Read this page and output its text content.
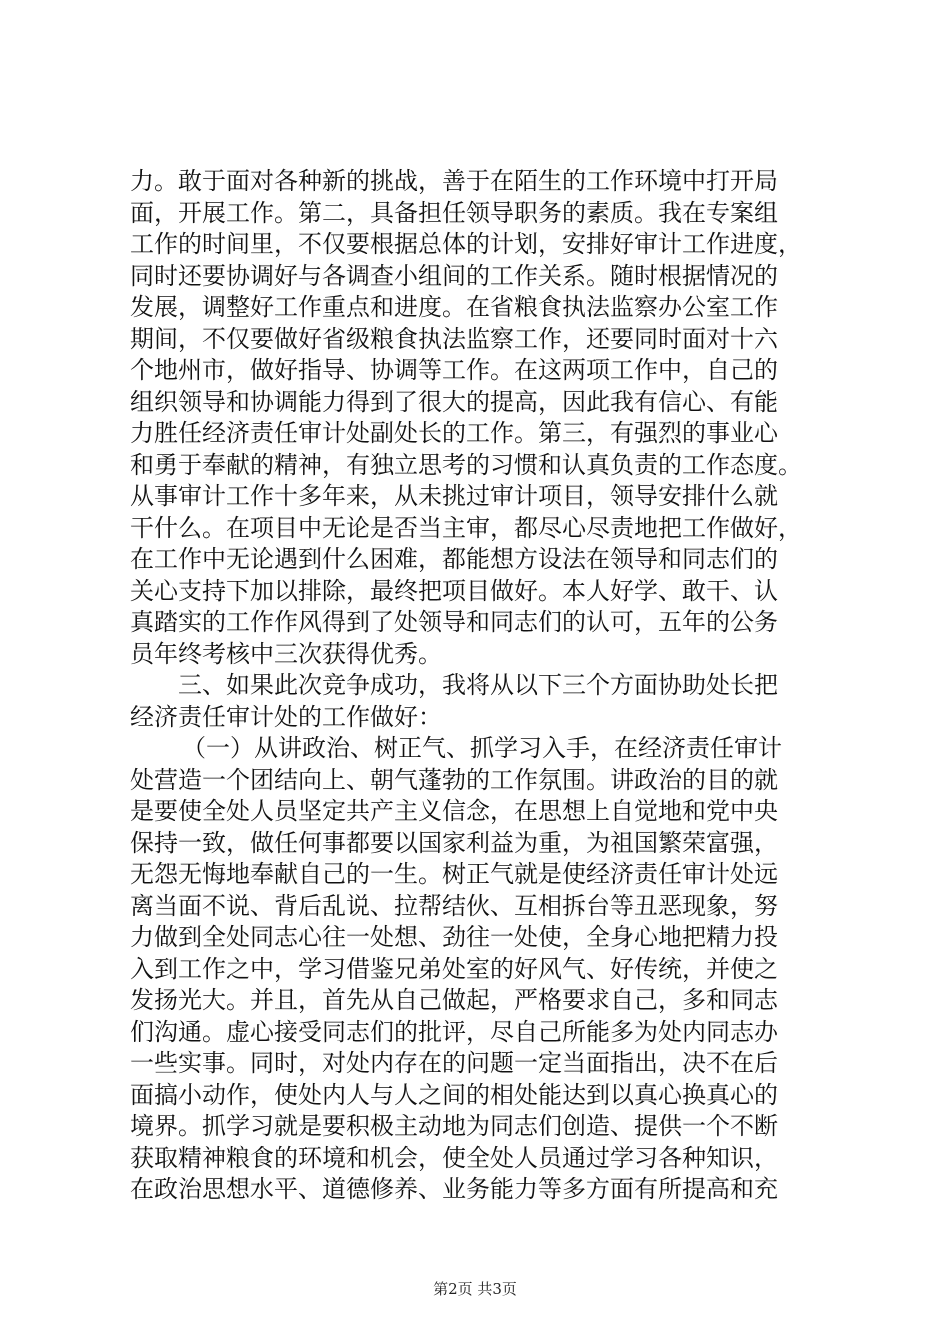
力。敢于面对各种新的挑战，善于在陌生的工作环境中打开局

面，开展工作。第二，具备担任领导职务的素质。我在专案组

工作的时间里，不仅要根据总体的计划，安排好审计工作进度，

同时还要协调好与各调查小组间的工作关系。随时根据情况的

发展，调整好工作重点和进度。在省粮食执法监察办公室工作

期间，不仅要做好省级粮食执法监察工作，还要同时面对十六

个地州市，做好指导、协调等工作。在这两项工作中，自己的

组织领导和协调能力得到了很大的提高，因此我有信心、有能

力胜任经济责任审计处副处长的工作。第三，有强烈的事业心

和勇于奉献的精神，有独立思考的习惯和认真负责的工作态度。

从事审计工作十多年来，从未挑过审计项目，领导安排什么就

干什么。在项目中无论是否当主审，都尽心尽责地把工作做好，

在工作中无论遇到什么困难，都能想方设法在领导和同志们的

关心支持下加以排除，最终把项目做好。本人好学、敢干、认

真踏实的工作作风得到了处领导和同志们的认可，五年的公务

员年终考核中三次获得优秀。

三、如果此次竞争成功，我将从以下三个方面协助处长把

经济责任审计处的工作做好：

（一）从讲政治、树正气、抓学习入手，在经济责任审计

处营造一个团结向上、朝气蓬勃的工作氛围。讲政治的目的就

是要使全处人员坚定共产主义信念，在思想上自觉地和党中央

保持一致，做任何事都要以国家利益为重，为祖国繁荣富强，

无怨无悔地奉献自己的一生。树正气就是使经济责任审计处远

离当面不说、背后乱说、拉帮结伙、互相拆台等丑恶现象，努

力做到全处同志心往一处想、劲往一处使，全身心地把精力投

入到工作之中，学习借鉴兄弟处室的好风气、好传统，并使之

发扬光大。并且，首先从自己做起，严格要求自己，多和同志

们沟通。虚心接受同志们的批评，尽自己所能多为处内同志办

一些实事。同时，对处内存在的问题一定当面指出，决不在后

面搞小动作，使处内人与人之间的相处能达到以真心换真心的

境界。抓学习就是要积极主动地为同志们创造、提供一个不断

获取精神粮食的环境和机会，使全处人员通过学习各种知识，

在政治思想水平、道德修养、业务能力等多方面有所提高和充

第2页 共3页
